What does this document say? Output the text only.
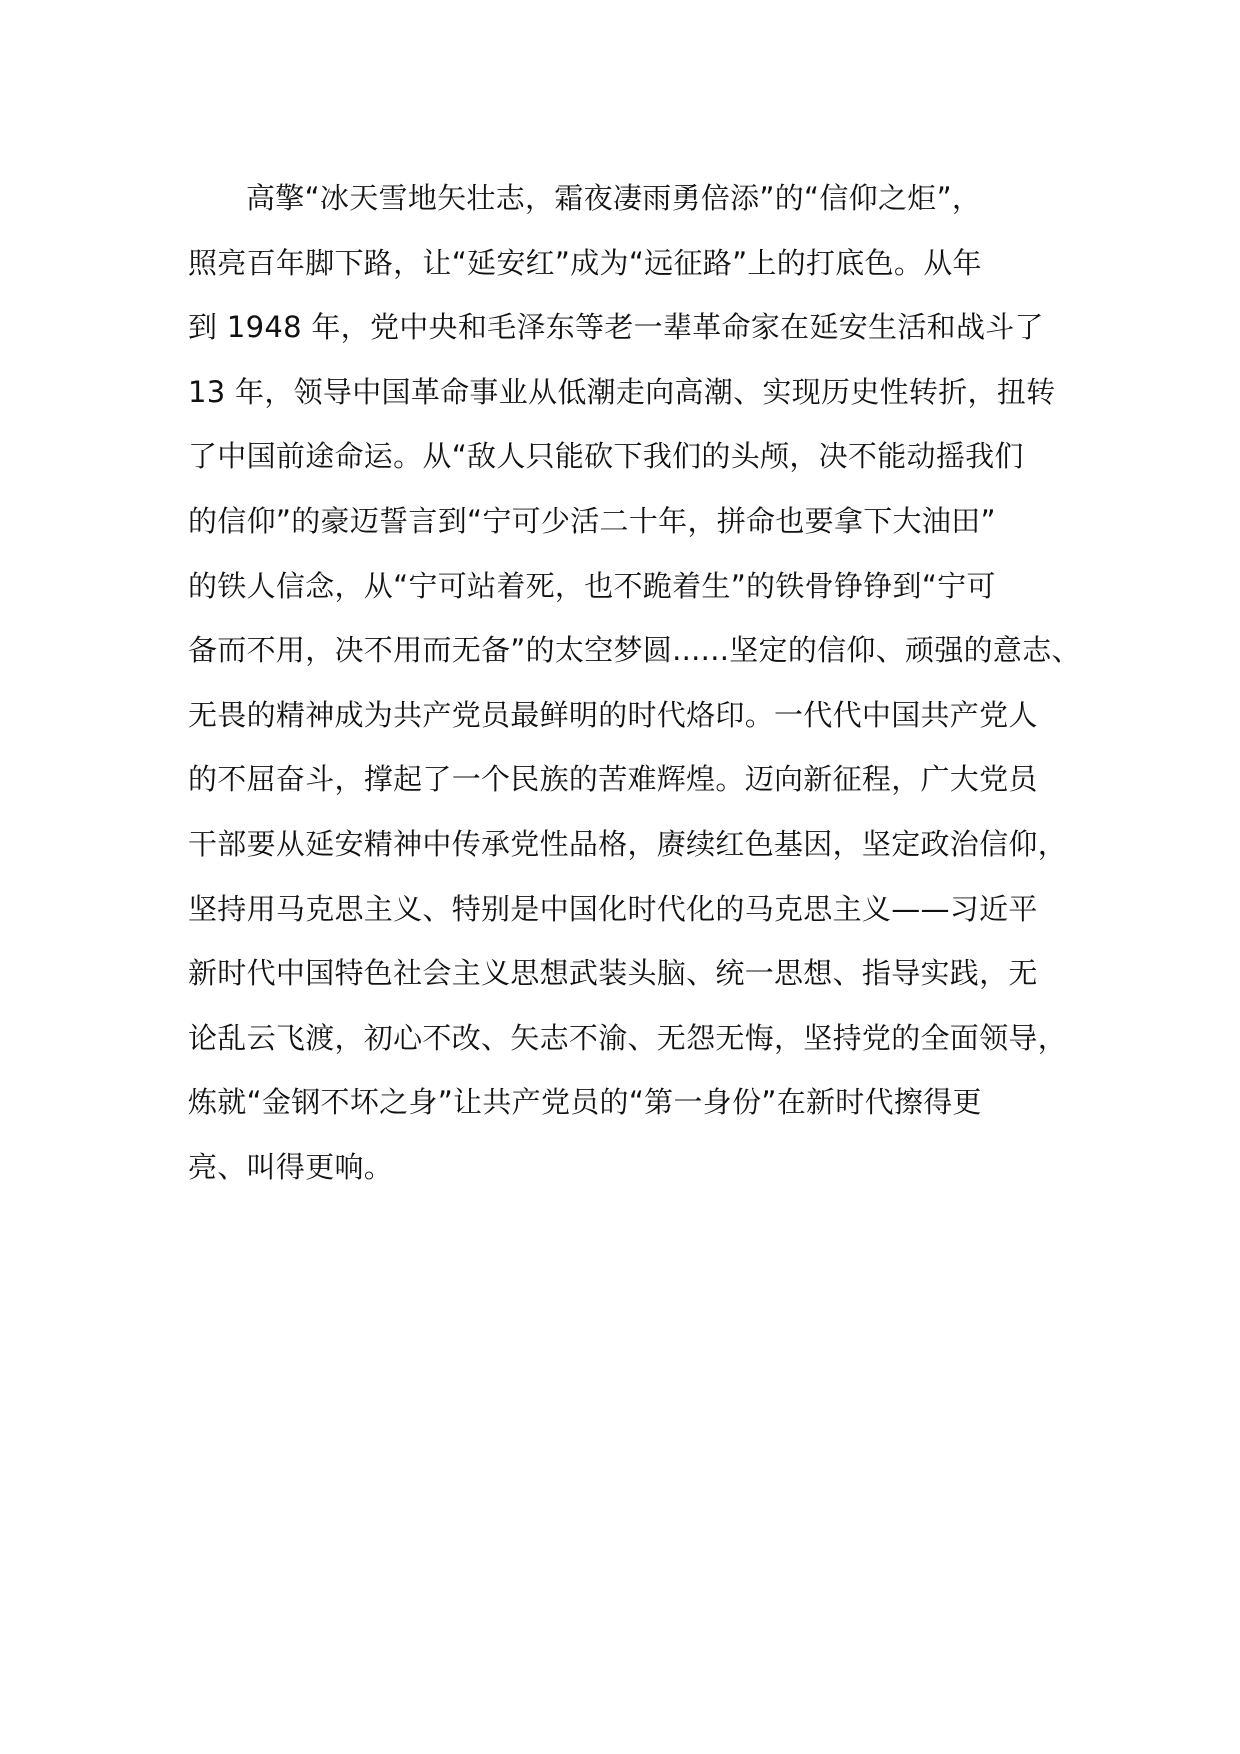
高擎“冰天雪地矢壮志，霜夜凄雨勇倍添”的“信仰之炬”，
照亮百年脚下路，让“延安红”成为“远征路”上的打底色。从年
到 1948 年，党中央和毛泽东等老一辈革命家在延安生活和战斗了
13 年，领导中国革命事业从低潮走向高潮、实现历史性转折，扭转
了中国前途命运。从“敌人只能砍下我们的头颅，决不能动摇我们
的信仰”的豪迈誓言到“宁可少活二十年，拼命也要拿下大油田”
的铁人信念，从“宁可站着死，也不跪着生”的铁骨铮铮到“宁可
备而不用，决不用而无备”的太空梦圆......坚定的信仰、顽强的意志、
无畏的精神成为共产党员最鲜明的时代烙印。一代代中国共产党人
的不屈奋斗，撑起了一个民族的苦难辉煌。迈向新征程，广大党员
干部要从延安精神中传承党性品格，赓续红色基因，坚定政治信仰，
坚持用马克思主义、特别是中国化时代化的马克思主义——习近平
新时代中国特色社会主义思想武装头脑、统一思想、指导实践，无
论乱云飞渡，初心不改、矢志不渝、无怨无悔，坚持党的全面领导，
炼就“金钢不坏之身”让共产党员的“第一身份”在新时代擦得更
亮、叫得更响。
